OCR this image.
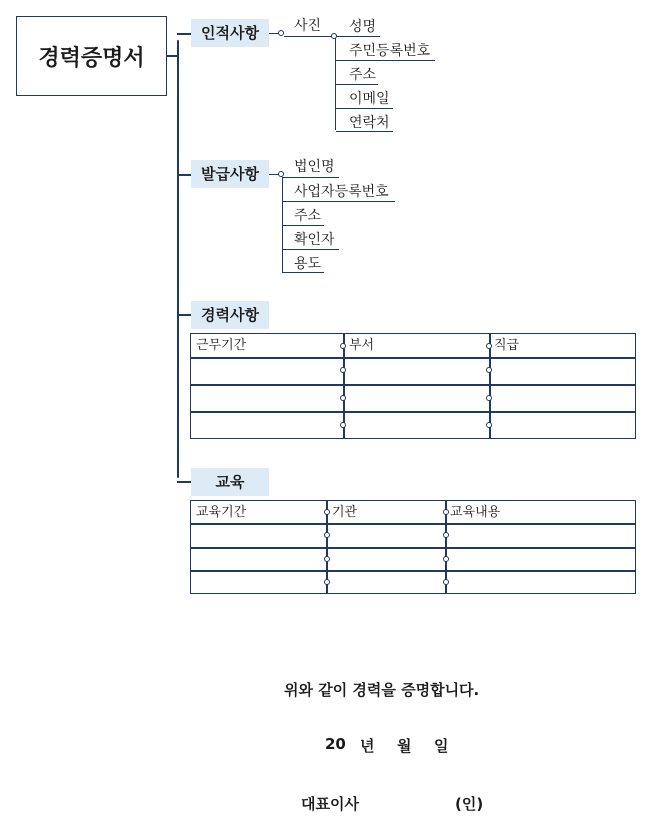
경력증명서
인적사항	사진 성명
주민등록번호
주소
이메일
연락처
발급사항	법인명
사업자등록번호
주소
확인자
용도
경력사항
근무기간	부서	직급
교육
교육기간	기관	교육내용
위와 같이 경력을 증명합니다.
20 년 월 일
대표이사	(인)
